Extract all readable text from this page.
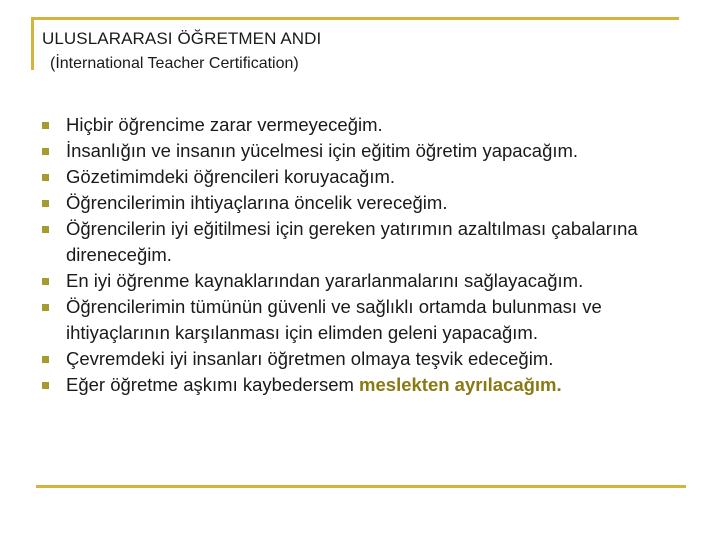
ULUSLARARASI ÖĞRETMEN ANDI
(İnternational Teacher Certification)
Hiçbir öğrencime zarar vermeyeceğim.
İnsanlığın ve insanın yücelmesi için eğitim öğretim yapacağım.
Gözetimimdeki öğrencileri koruyacağım.
Öğrencilerimin ihtiyaçlarına öncelik vereceğim.
Öğrencilerin iyi eğitilmesi için gereken yatırımın azaltılması çabalarına direneceğim.
En iyi öğrenme kaynaklarından yararlanmalarını sağlayacağım.
Öğrencilerimin tümünün güvenli ve sağlıklı ortamda bulunması ve ihtiyaçlarının karşılanması için elimden geleni yapacağım.
Çevremdeki iyi insanları öğretmen olmaya teşvik edeceğim.
Eğer öğretme aşkımı kaybedersem meslekten ayrılacağım.
